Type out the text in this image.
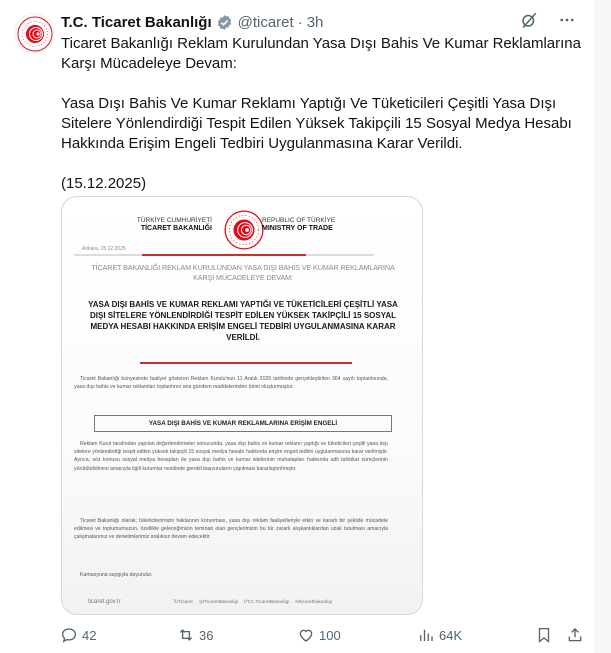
T.C. Ticaret Bakanlığı @ticaret · 3h

Ticaret Bakanlığı Reklam Kurulundan Yasa Dışı Bahis Ve Kumar Reklamlarına Karşı Mücadeleye Devam:

Yasa Dışı Bahis Ve Kumar Reklamı Yaptığı Ve Tüketicileri Çeşitli Yasa Dışı Sitelere Yönlendirdiği Tespit Edilen Yüksek Takipçili 15 Sosyal Medya Hesabı Hakkında Erişim Engeli Tedbiri Uygulanmasına Karar Verildi.

(15.12.2025)

TÜRKİYE CUMHURİYETİ
TİCARET BAKANLIĞI
REPUBLIC OF TÜRKİYE
MINISTRY OF TRADE
Ankara, 15.12.2025
TİCARET BAKANLIĞI REKLAM KURULUNDAN YASA DIŞI BAHİS VE KUMAR REKLAMLARINA KARŞI MÜCADELEYE DEVAM:
YASA DIŞI BAHİS VE KUMAR REKLAMI YAPTIĞI VE TÜKETİCİLERİ ÇEŞİTLİ YASA DIŞI SİTELERE YÖNLENDİRDİĞİ TESPİT EDİLEN YÜKSEK TAKİPÇİLİ 15 SOSYAL MEDYA HESABI HAKKINDA ERİŞİM ENGELİ TEDBİRİ UYGULANMASINA KARAR VERİLDİ.
Ticaret Bakanlığı bünyesinde faaliyet gösteren Reklam Kurulu'nun 11 Aralık 2025 tarihinde gerçekleştirilen 364 sayılı toplantısında, yasa dışı bahis ve kumar reklamları toplantının ana gündem maddelerinden birini oluşturmuştur.
YASA DIŞI BAHİS VE KUMAR REKLAMLARINA ERİŞİM ENGELİ
Reklam Kurul tarafından yapılan değerlendirmeler sonucunda, yasa dışı bahis ve kumar reklamı yaptığı ve tüketicileri çeşitli yasa dışı sitelere yönlendirdiği tespit edilen yüksek takipçili 15 sosyal medya hesabı hakkında erişim engeli tedbiri uygulanmasına karar verilmiştir. Ayrıca, söz konusu sosyal medya hesapları ile yasa dışı bahis ve kumar sitelerinin muhatapları hakkında adli tahkikat süreçlerinin yürütülebilmesi amacıyla ilgili kurumlar nezdinde gerekli başvuruların yapılması kararlaştırılmıştır.
Ticaret Bakanlığı olarak; tüketicilerimizin haklarının korunması, yasa dışı reklam faaliyetleriyle etkin ve kararlı bir şekilde mücadele edilmesi ve toplumumuzun, özellikle geleceğimizin teminatı olan gençlerimizin bu tür zararlı alışkanlıklardan uzak tutulması amacıyla çalışmalarımız ve denetimlerimiz aralıksız devam edecektir.
Kamuoyuna saygıyla duyurulur.
ticaret.gov.tr	𝕏/Ticaret ◎/TicaretBakanligi f/T.C.TicaretBakanligi N/ticaretbakanligi
42	36	100	64K
